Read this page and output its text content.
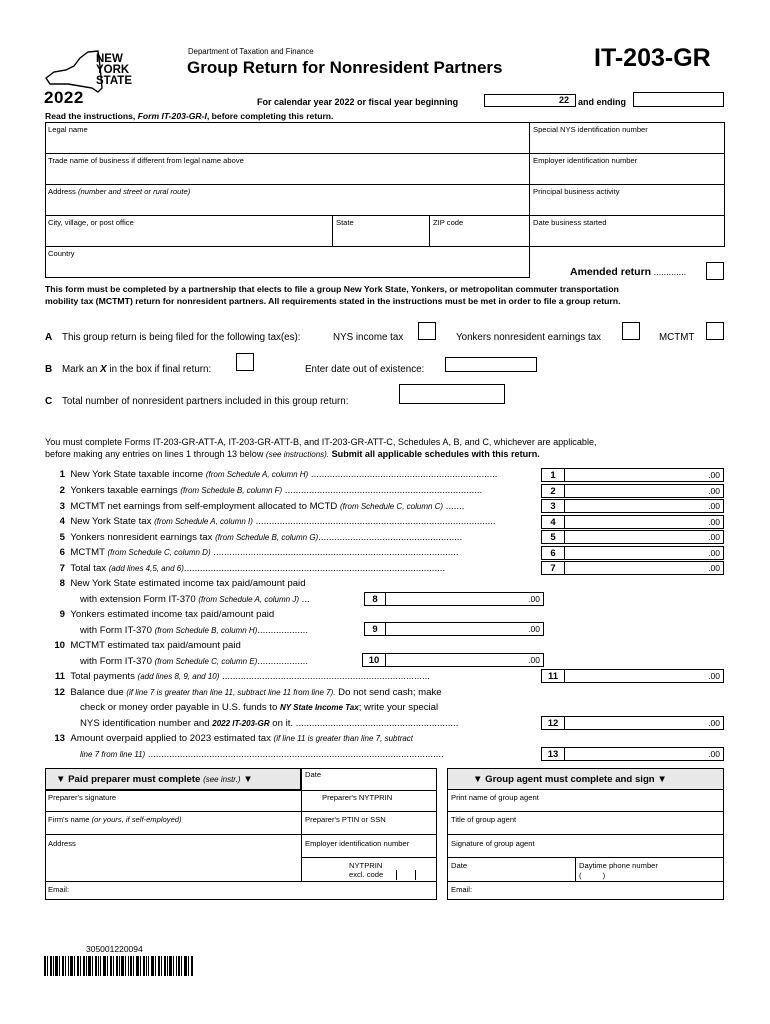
NEW
YORK
STATE
2022
Department of Taxation and Finance
Group Return for Nonresident Partners	IT-203-GR
For calendar year 2022 or fiscal year beginning	22	and ending
Read the instructions, Form IT-203-GR-I, before completing this return.
Legal name
Trade name of business if different from legal name above
Address (number and street or rural route)
City, village, or post office	State	ZIP code
Country
Special NYS identification number
Employer identification number
Principal business activity
Date business started
Amended return .............
This form must be completed by a partnership that elects to file a group New York State, Yonkers, or metropolitan commuter transportation
mobility tax (MCTMT) return for nonresident partners. All requirements stated in the instructions must be met in order to file a group return.
A This group return is being filed for the following tax(es):	NYS income tax	Yonkers nonresident earnings tax	MCTMT
B Mark an X in the box if final return:	Enter date out of existence:
C Total number of nonresident partners included in this group return:
You must complete Forms IT-203-GR-ATT-A, IT-203-GR-ATT-B, and IT-203-GR-ATT-C, Schedules A, B, and C, whichever are applicable,
before making any entries on lines 1 through 13 below (see instructions). Submit all applicable schedules with this return.
1 New York State taxable income (from Schedule A, column H) ......................................................................	1	.00
2 Yonkers taxable earnings (from Schedule B, column F) ..........................................................................	2	.00
3 MCTMT net earnings from self-employment allocated to MCTD (from Schedule C, column C) .......	3	.00
4 New York State tax (from Schedule A, column I) ..........................................................................................	4	.00
5 Yonkers nonresident earnings tax (from Schedule B, column G)......................................................	5	.00
6 MCTMT (from Schedule C, column D) ............................................................................................	6	.00
7 Total tax (add lines 4,5, and 6)..................................................................................................	7	.00
8 New York State estimated income tax paid/amount paid
with extension Form IT-370 (from Schedule A, column J) ...	8	.00
9 Yonkers estimated income tax paid/amount paid
with Form IT-370 (from Schedule B, column H)...................	9	.00
10 MCTMT estimated tax paid/amount paid
with Form IT-370 (from Schedule C, column E)...................	10	.00
11 Total payments (add lines 8, 9, and 10) ..............................................................................	11	.00
12 Balance due (if line 7 is greater than line 11, subtract line 11 from line 7). Do not send cash; make
check or money order payable in U.S. funds to NY State Income Tax; write your special
NYS identification number and 2022 IT-203-GR on it. .............................................................	12	.00
13 Amount overpaid applied to 2023 estimated tax (if line 11 is greater than line 7, subtract
line 7 from line 11) ...............................................................................................................	13	.00
▼ Paid preparer must complete (see instr.) ▼	Date
Preparer's signature	Preparer's NYTPRIN
Firm's name (or yours, if self-employed)	Preparer's PTIN or SSN
Address	Employer identification number
NYTPRIN
excl. code
Email:
▼ Group agent must complete and sign ▼
Print name of group agent
Title of group agent
Signature of group agent
Date	Daytime phone number
(          )
Email:
305001220094
